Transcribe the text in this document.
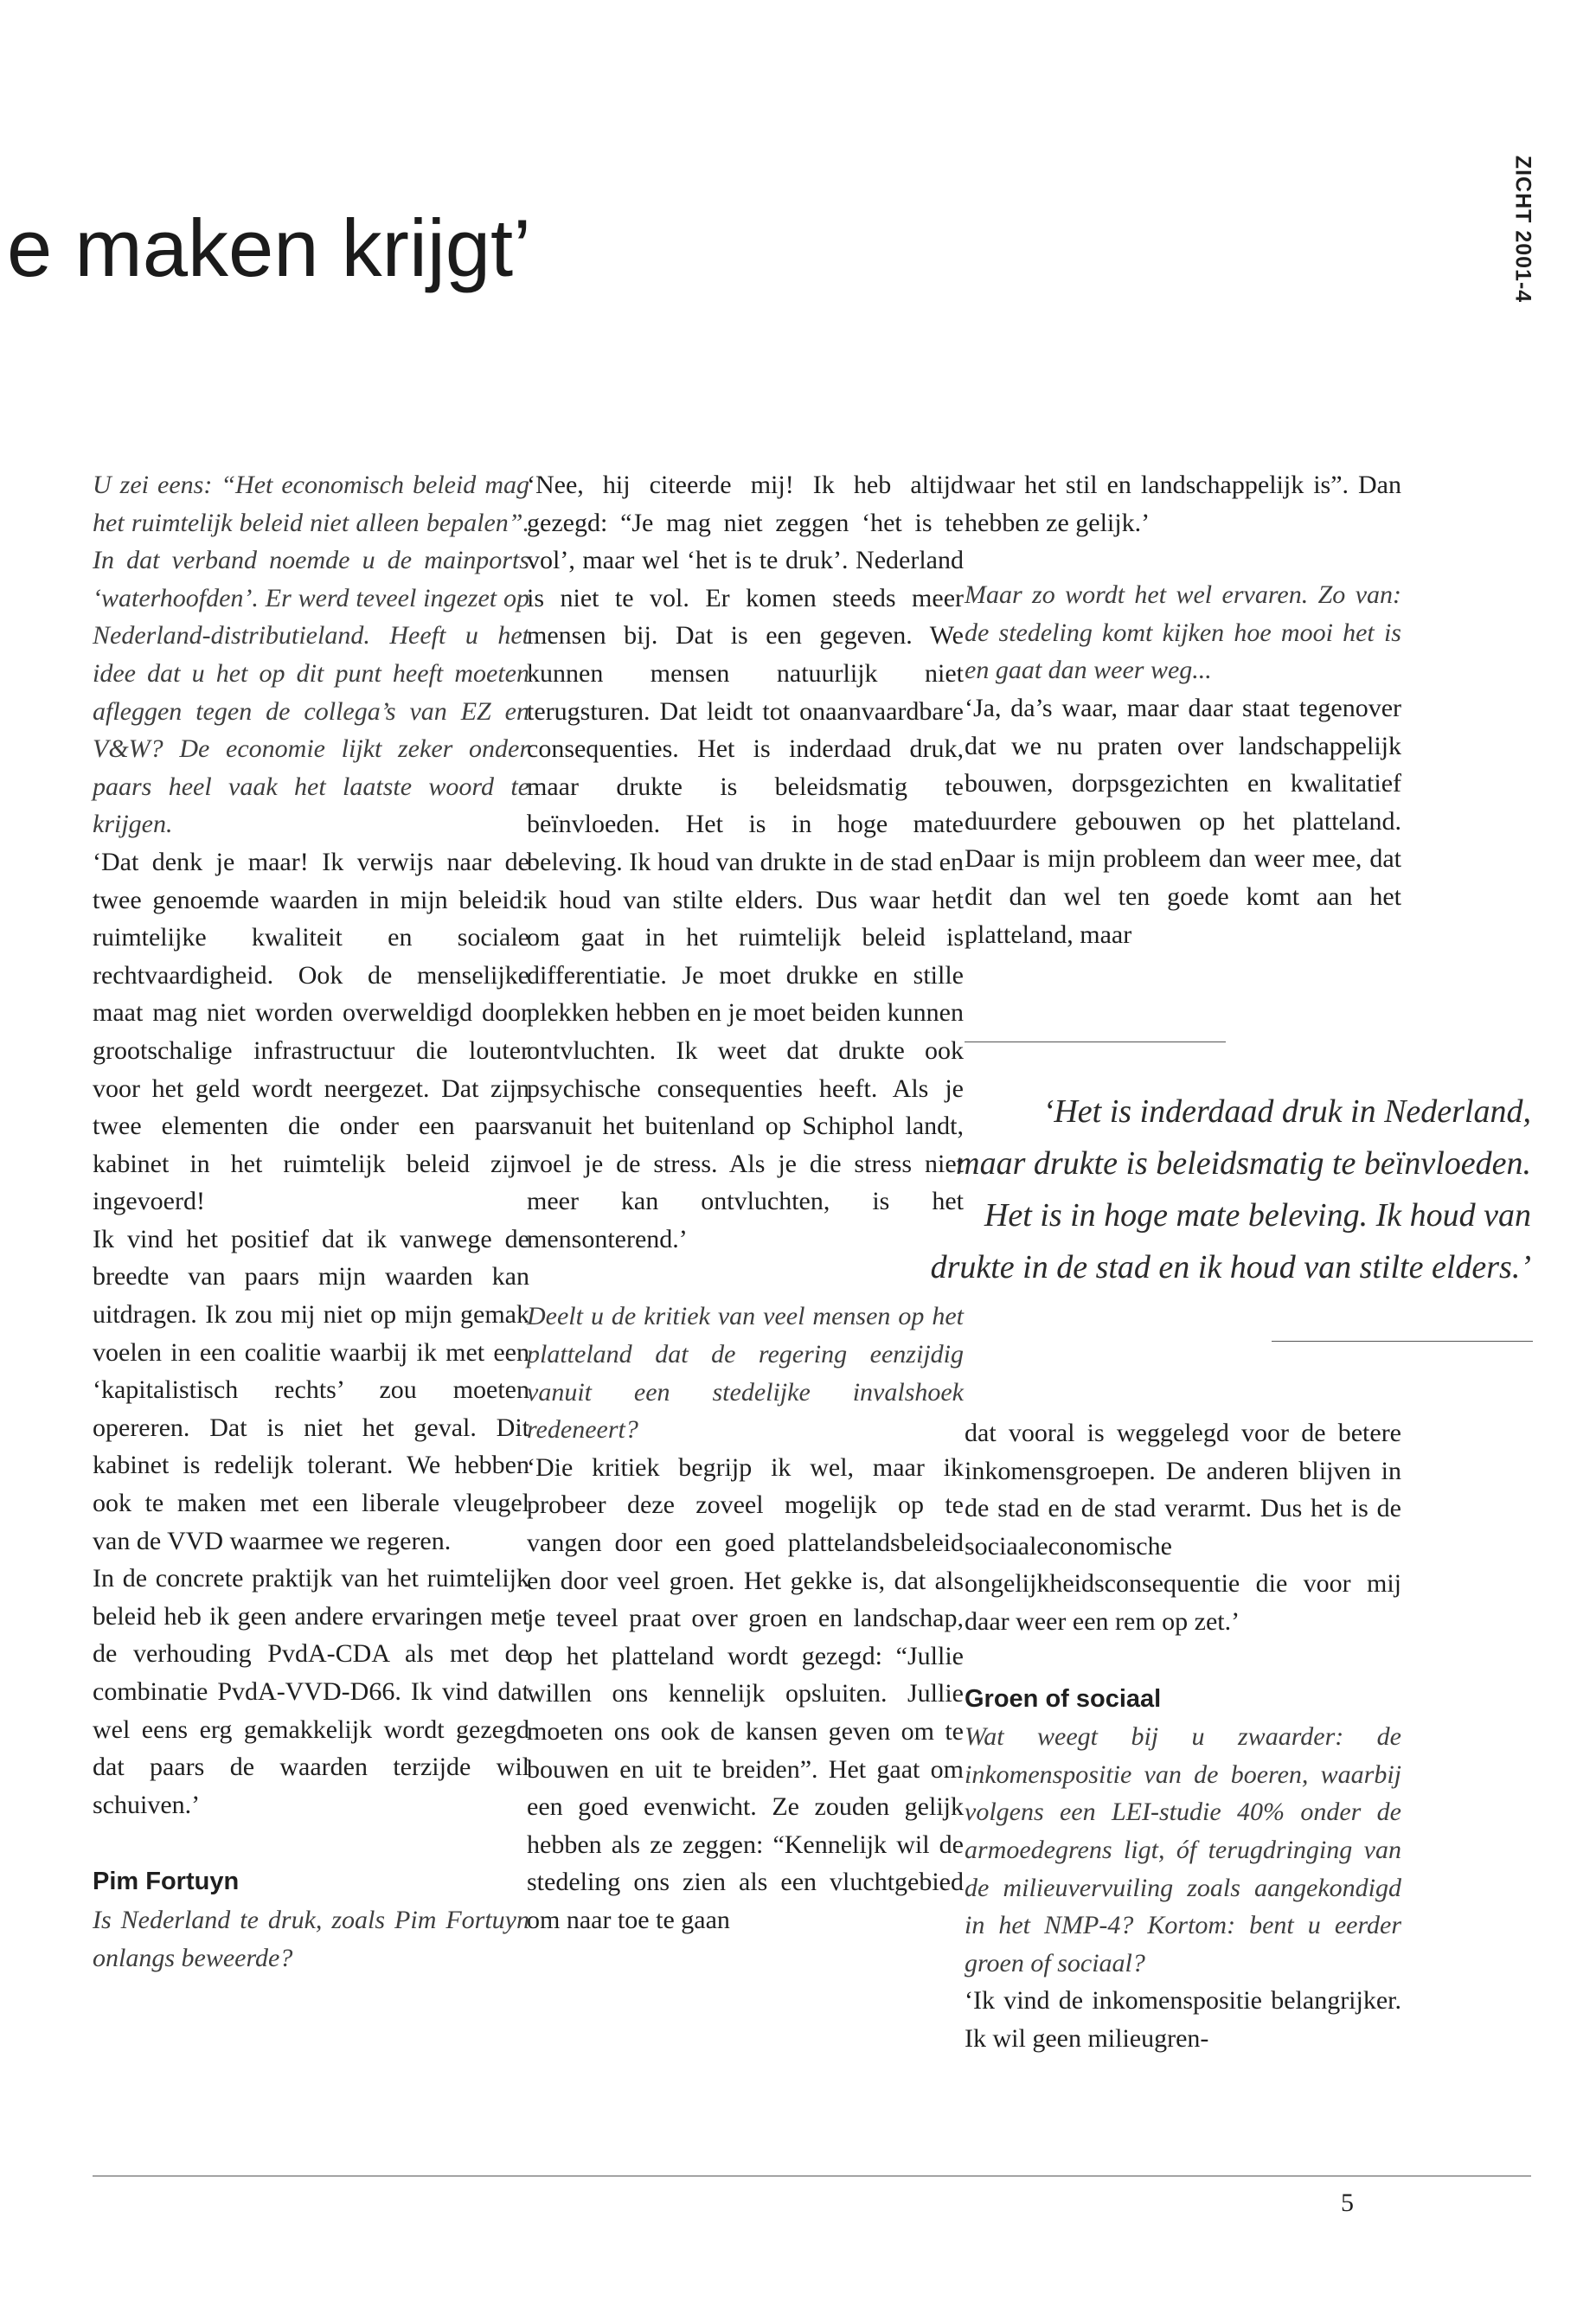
e maken krijgt’	ZICHT 2001-4

U zei eens: “Het economisch beleid mag het ruimtelijk beleid niet alleen bepalen”. In dat verband noemde u de mainports ‘waterhoofden’. Er werd teveel ingezet op Nederland-distributieland. Heeft u het idee dat u het op dit punt heeft moeten afleggen tegen de collega’s van EZ en V&W? De economie lijkt zeker onder paars heel vaak het laatste woord te krijgen.

‘Dat denk je maar! Ik verwijs naar de twee genoemde waarden in mijn beleid: ruimtelijke kwaliteit en sociale rechtvaardigheid. Ook de menselijke maat mag niet worden overweldigd door grootschalige infrastructuur die louter voor het geld wordt neergezet. Dat zijn twee elementen die onder een paars kabinet in het ruimtelijk beleid zijn ingevoerd!

Ik vind het positief dat ik vanwege de breedte van paars mijn waarden kan uitdragen. Ik zou mij niet op mijn gemak voelen in een coalitie waarbij ik met een ‘kapitalistisch rechts’ zou moeten opereren. Dat is niet het geval. Dit kabinet is redelijk tolerant. We hebben ook te maken met een liberale vleugel van de VVD waarmee we regeren.

In de concrete praktijk van het ruimtelijk beleid heb ik geen andere ervaringen met de verhouding PvdA-CDA als met de combinatie PvdA-VVD-D66. Ik vind dat wel eens erg gemakkelijk wordt gezegd dat paars de waarden terzijde wil schuiven.’

Pim Fortuyn

Is Nederland te druk, zoals Pim Fortuyn onlangs beweerde?

‘Nee, hij citeerde mij! Ik heb altijd gezegd: “Je mag niet zeggen ‘het is te vol’, maar wel ‘het is te druk’. Nederland is niet te vol. Er komen steeds meer mensen bij. Dat is een gegeven. We kunnen mensen natuurlijk niet terugsturen. Dat leidt tot onaanvaardbare consequenties. Het is inderdaad druk, maar drukte is beleidsmatig te beïnvloeden. Het is in hoge mate beleving. Ik houd van drukte in de stad en ik houd van stilte elders. Dus waar het om gaat in het ruimtelijk beleid is differentiatie. Je moet drukke en stille plekken hebben en je moet beiden kunnen ontvluchten. Ik weet dat drukte ook psychische consequenties heeft. Als je vanuit het buitenland op Schiphol landt, voel je de stress. Als je die stress niet meer kan ontvluchten, is het mensonterend.’

Deelt u de kritiek van veel mensen op het platteland dat de regering eenzijdig vanuit een stedelijke invalshoek redeneert?

‘Die kritiek begrijp ik wel, maar ik probeer deze zoveel mogelijk op te vangen door een goed plattelandsbeleid en door veel groen. Het gekke is, dat als je teveel praat over groen en landschap, op het platteland wordt gezegd: “Jullie willen ons kennelijk opsluiten. Jullie moeten ons ook de kansen geven om te bouwen en uit te breiden”. Het gaat om een goed evenwicht. Ze zouden gelijk hebben als ze zeggen: “Kennelijk wil de stedeling ons zien als een vluchtgebied om naar toe te gaan

waar het stil en landschappelijk is”. Dan hebben ze gelijk.’

Maar zo wordt het wel ervaren. Zo van: de stedeling komt kijken hoe mooi het is en gaat dan weer weg...

‘Ja, da’s waar, maar daar staat tegenover dat we nu praten over landschappelijk bouwen, dorpsgezichten en kwalitatief duurdere gebouwen op het platteland. Daar is mijn probleem dan weer mee, dat dit dan wel ten goede komt aan het platteland, maar

‘Het is inderdaad druk in Nederland,
maar drukte is beleidsmatig te beïnvloeden.
Het is in hoge mate beleving. Ik houd van
drukte in de stad en ik houd van stilte elders.’

dat vooral is weggelegd voor de betere inkomensgroepen. De anderen blijven in de stad en de stad verarmt. Dus het is de sociaaleconomische ongelijkheidsconsequentie die voor mij daar weer een rem op zet.’

Groen of sociaal

Wat weegt bij u zwaarder: de inkomenspositie van de boeren, waarbij volgens een LEI-studie 40% onder de armoedegrens ligt, óf terugdringing van de milieuvervuiling zoals aangekondigd in het NMP-4? Kortom: bent u eerder groen of sociaal?

‘Ik vind de inkomenspositie belangrijker. Ik wil geen milieugren-

5
